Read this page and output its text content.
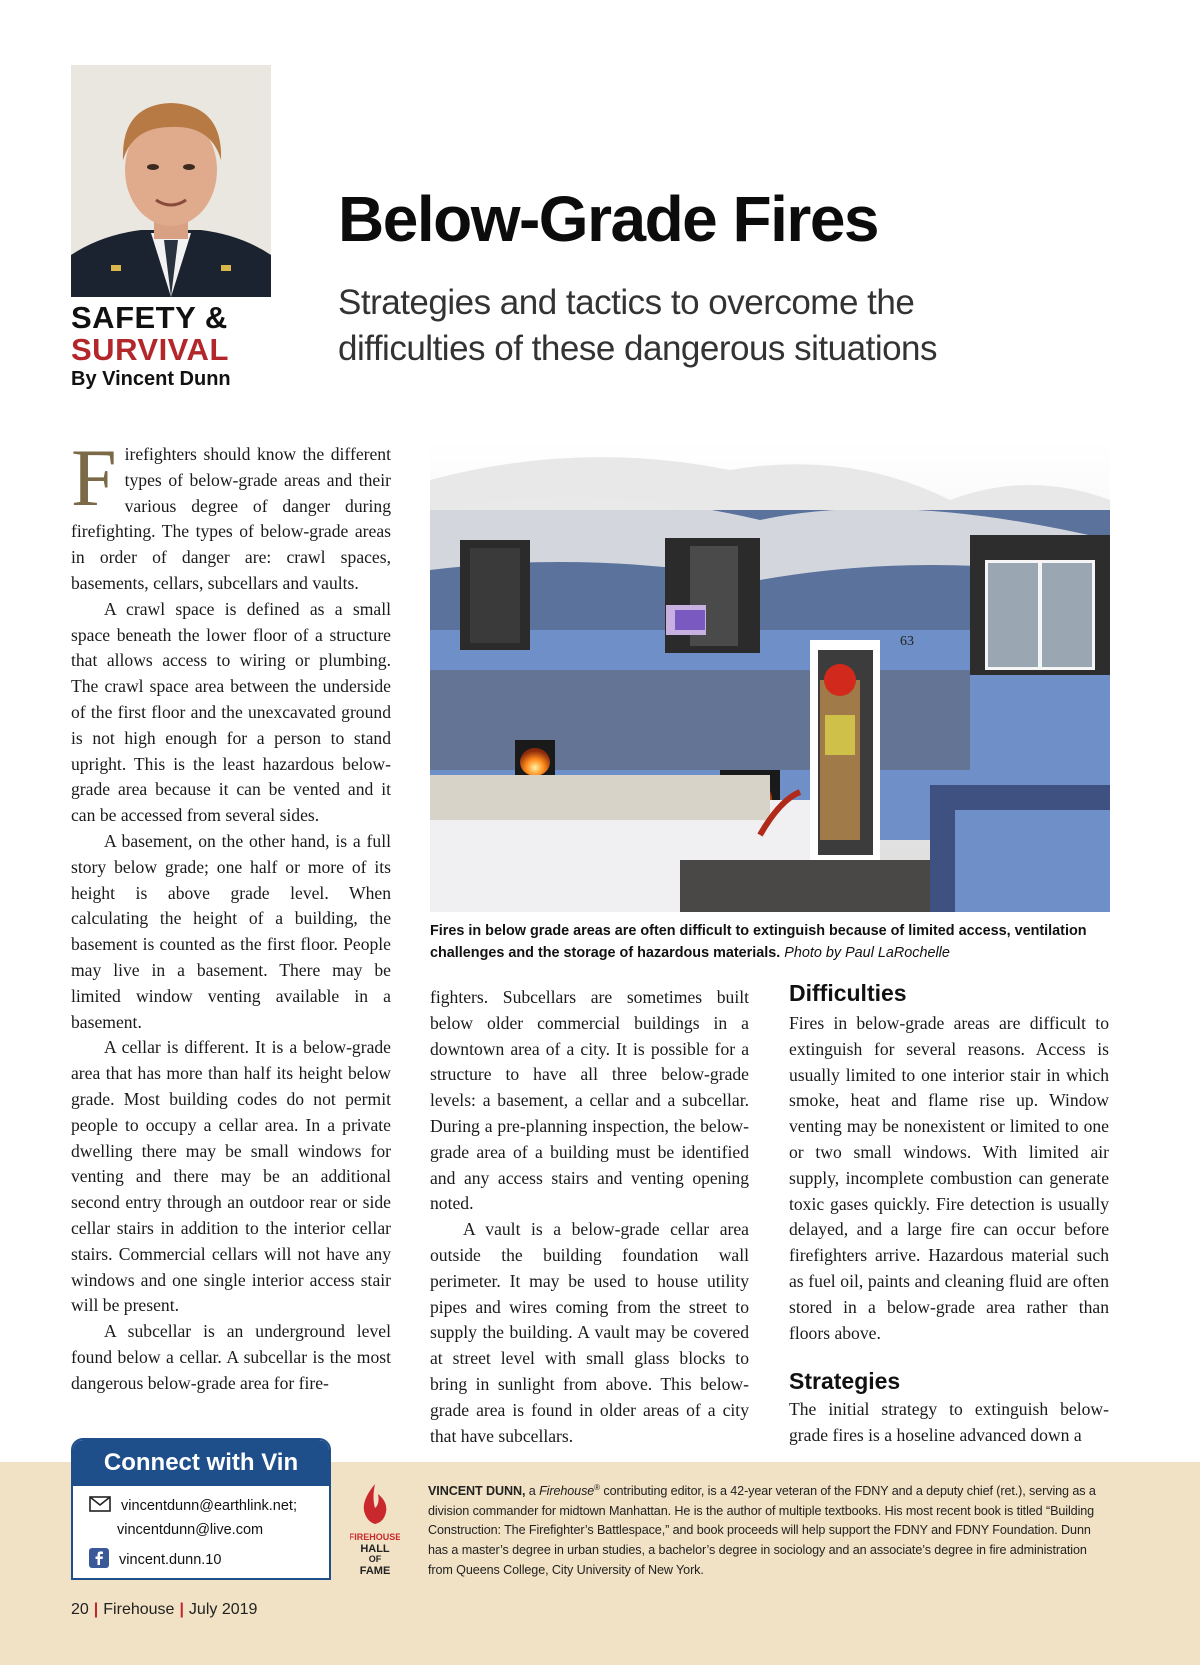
SAFETY &
SURVIVAL
By Vincent Dunn
Below-Grade Fires
Strategies and tactics to overcome the difficulties of these dangerous situations
F irefighters should know the different types of below-grade areas and their various degree of danger during firefighting. The types of below-grade areas in order of danger are: crawl spaces, basements, cellars, subcellars and vaults.

A crawl space is defined as a small space beneath the lower floor of a structure that allows access to wiring or plumbing. The crawl space area between the underside of the first floor and the unexcavated ground is not high enough for a person to stand upright. This is the least hazardous below-grade area because it can be vented and it can be accessed from several sides.

A basement, on the other hand, is a full story below grade; one half or more of its height is above grade level. When calculating the height of a building, the basement is counted as the first floor. People may live in a basement. There may be limited window venting available in a basement.

A cellar is different. It is a below-grade area that has more than half its height below grade. Most building codes do not permit people to occupy a cellar area. In a private dwelling there may be small windows for venting and there may be an additional second entry through an outdoor rear or side cellar stairs in addition to the interior cellar stairs. Commercial cellars will not have any windows and one single interior access stair will be present.

A subcellar is an underground level found below a cellar. A subcellar is the most dangerous below-grade area for fire-

63
Fires in below grade areas are often difficult to extinguish because of limited access, ventilation challenges and the storage of hazardous materials. Photo by Paul LaRochelle

fighters. Subcellars are sometimes built below older commercial buildings in a downtown area of a city. It is possible for a structure to have all three below-grade levels: a basement, a cellar and a subcellar. During a pre-planning inspection, the below-grade area of a building must be identified and any access stairs and venting opening noted.

A vault is a below-grade cellar area outside the building foundation wall perimeter. It may be used to house utility pipes and wires coming from the street to supply the building. A vault may be covered at street level with small glass blocks to bring in sunlight from above. This below-grade area is found in older areas of a city that have subcellars.

Difficulties

Fires in below-grade areas are difficult to extinguish for several reasons. Access is usually limited to one interior stair in which smoke, heat and flame rise up. Window venting may be nonexistent or limited to one or two small windows. With limited air supply, incomplete combustion can generate toxic gases quickly. Fire detection is usually delayed, and a large fire can occur before firefighters arrive. Hazardous material such as fuel oil, paints and cleaning fluid are often stored in a below-grade area rather than floors above.

Strategies

The initial strategy to extinguish below-grade fires is a hoseline advanced down a

Connect with Vin
vincentdunn@earthlink.net;
vincentdunn@live.com
vincent.dunn.10
FIREHOUSE
HALL
OF
FAME
VINCENT DUNN, a Firehouse® contributing editor, is a 42-year veteran of the FDNY and a deputy chief (ret.), serving as a division commander for midtown Manhattan. He is the author of multiple textbooks. His most recent book is titled “Building Construction: The Firefighter’s Battlespace,” and book proceeds will help support the FDNY and FDNY Foundation. Dunn has a master’s degree in urban studies, a bachelor’s degree in sociology and an associate’s degree in fire administration from Queens College, City University of New York.
20 | Firehouse | July 2019
